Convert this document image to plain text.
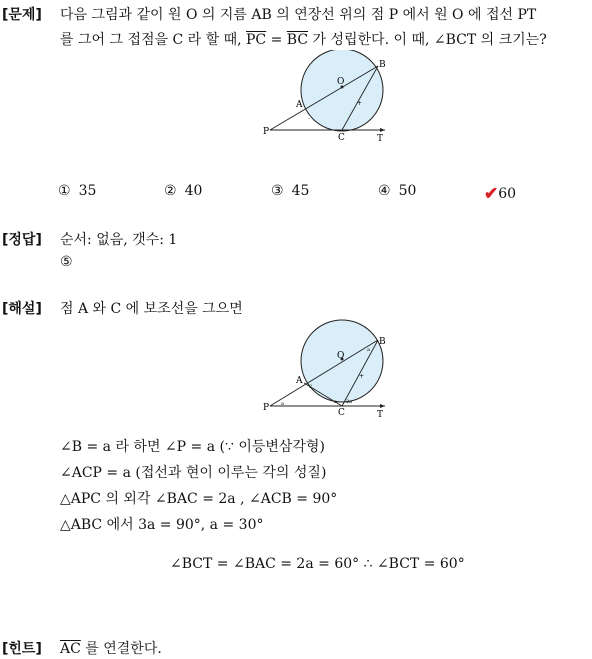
[문제] 다음 그림과 같이 원 O 의 지름 AB 의 연장선 위의 점 P 에서 원 O 에 접선 PT
를 그어 그 접점을 C 라 할 때, $\overline{PC} = \overline{BC}$ 가 성립한다. 이 때, ∠BCT 의 크기는?
-
+
O
A
B
P
C	T
① 35	② 40	③ 45	④ 50	✔60
[정답] 순서: 없음, 갯수: 1
⑤
[해설] 점 A 와 C 에 보조선을 그으면
+
2
a
a	a 2a
O
A
B
P	C	T
∠B = a 라 하면 ∠P = a (∵ 이등변삼각형)
∠ACP = a (접선과 현이 이루는 각의 성질)
△APC 의 외각 ∠BAC = 2a , ∠ACB = 90°
△ABC 에서 3a = 90°, a = 30°
∠BCT = ∠BAC = 2a = 60° ∴ ∠BCT = 60°
[힌트] $\overline{AC}$ 를 연결한다.
